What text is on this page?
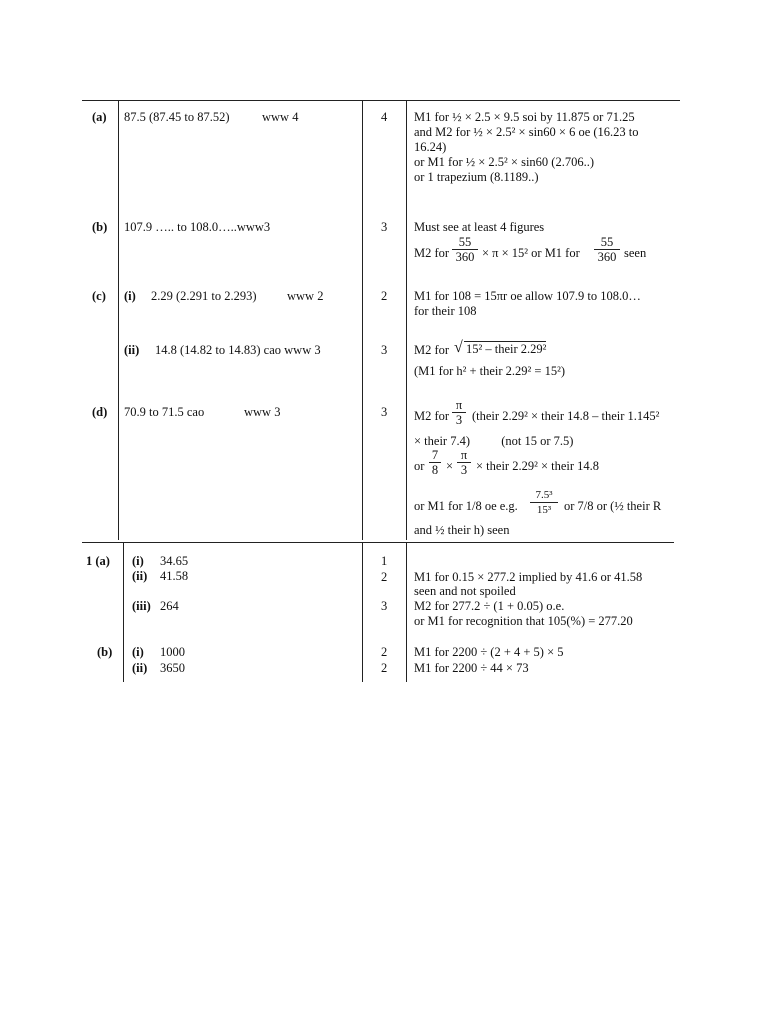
(a) 87.5 (87.45 to 87.52)	www 4	4 M1 for ½ × 2.5 × 9.5 soi by 11.875 or 71.25
and M2 for ½ × 2.5² × sin60 × 6 oe (16.23 to
16.24)
or M1 for ½ × 2.5² × sin60 (2.706..)
or 1 trapezium (8.1189..)
(b) 107.9 ….. to 108.0…..www3	3 Must see at least 4 figures
M2 for $\frac{55}{360} \times \pi \times 15^2$ or M1 for $\frac{55}{360}$ seen
(c) (i) 2.29 (2.291 to 2.293) www 2	2 M1 for 108 = 15πr oe allow 107.9 to 108.0…
for their 108
(ii) 14.8 (14.82 to 14.83) cao www 3	3 M2 for √ 15² – their 2.29²
(M1 for h² + their 2.29² = 15²)
(d) 70.9 to 71.5 cao	www 3	3 M2 for $\frac{\pi}{3}$ (their 2.29² × their 14.8 – their 1.145²
× their 7.4)          (not 15 or 7.5)
or $\frac{7}{8} \times \frac{\pi}{3}$ × their 2.29² × their 14.8
or M1 for 1/8 oe e.g. $\frac{\text{7.5³}}{\text{15³}}$ or 7/8 or (½ their R
and ½ their h) seen
1 (a) (i) 34.65	1
(ii) 41.58	2 M1 for 0.15 × 277.2 implied by 41.6 or 41.58
seen and not spoiled
(iii) 264	3 M2 for 277.2 ÷ (1 + 0.05) o.e.
or M1 for recognition that 105(%) = 277.20
(b) (i) 1000	2 M1 for 2200 ÷ (2 + 4 + 5) × 5
(ii) 3650	2 M1 for 2200 ÷ 44 × 73
